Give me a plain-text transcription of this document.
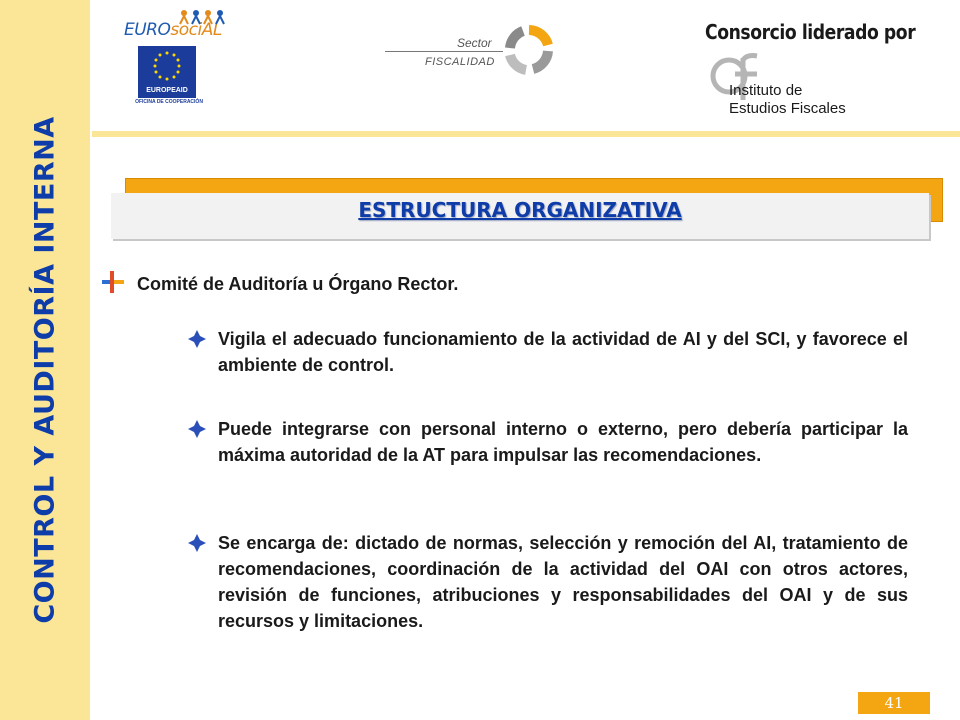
CONTROL Y AUDITORÍA INTERNA
EUROsociAL
EUROPEAID
OFICINA DE COOPERACIÓN
Sector
FISCALIDAD
Consorcio liderado por
Instituto de
Estudios Fiscales
ESTRUCTURA ORGANIZATIVA
Comité de Auditoría u Órgano Rector.
Vigila el adecuado funcionamiento de la actividad de AI y del SCI, y favorece el ambiente de control.
Puede integrarse con personal interno o externo, pero debería participar la máxima autoridad de la AT para impulsar las recomendaciones.
Se encarga de: dictado de normas, selección y remoción del AI, tratamiento de recomendaciones, coordinación de la actividad del OAI con otros actores, revisión de funciones, atribuciones y responsabilidades del OAI y de sus recursos y limitaciones.
41
